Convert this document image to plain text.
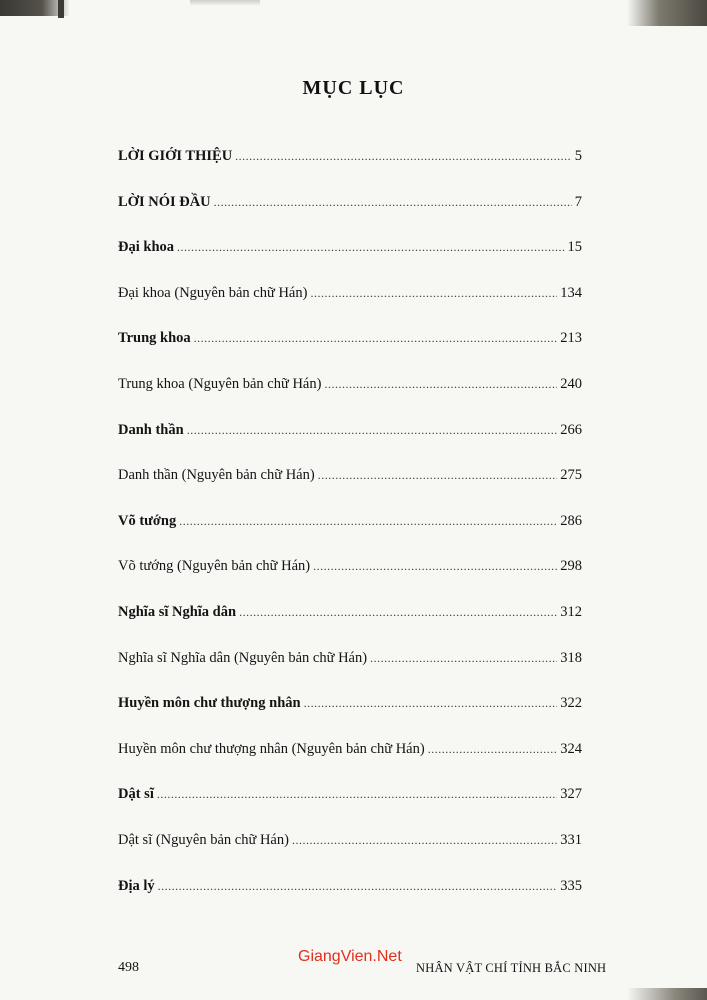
MỤC LỤC
LỜI GIỚI THIỆU .....	5
LỜI NÓI ĐẦU .....	7
Đại khoa .....	15
Đại khoa (Nguyên bản chữ Hán) .....	134
Trung khoa .....	213
Trung khoa (Nguyên bản chữ Hán) .....	240
Danh thần .....	266
Danh thần (Nguyên bản chữ Hán) .....	275
Võ tướng .....	286
Võ tướng (Nguyên bản chữ Hán) .....	298
Nghĩa sĩ Nghĩa dân .....	312
Nghĩa sĩ Nghĩa dân (Nguyên bản chữ Hán) .....	318
Huyền môn chư thượng nhân .....	322
Huyền môn chư thượng nhân (Nguyên bản chữ Hán) .....	324
Dật sĩ .....	327
Dật sĩ (Nguyên bản chữ Hán) .....	331
Địa lý .....	335
498
GiangVien.Net
NHÂN VẬT CHÍ TỈNH BẮC NINH
